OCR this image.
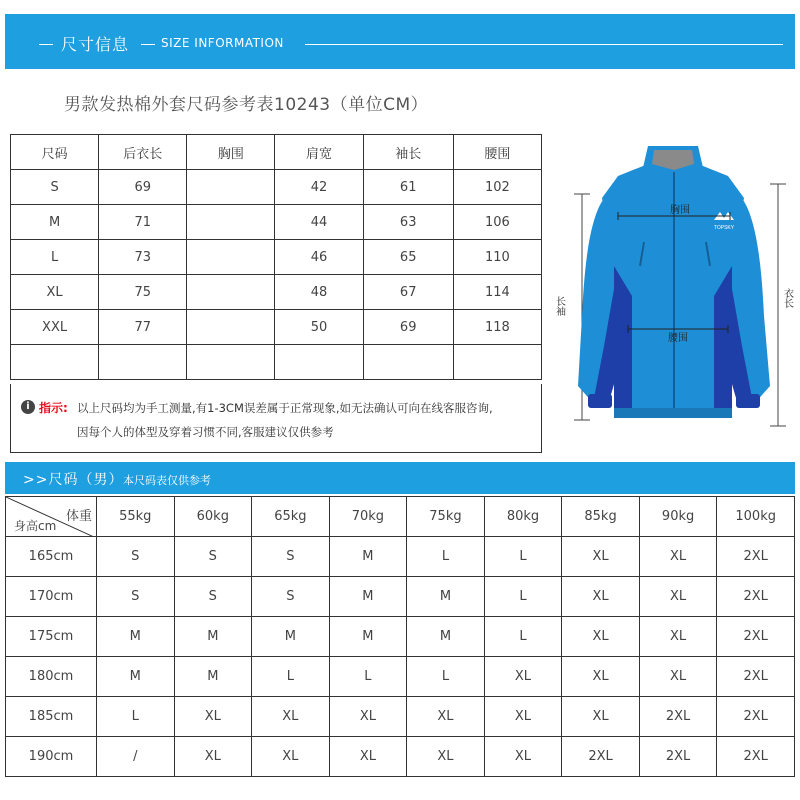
尺寸信息	SIZE INFORMATION
男款发热棉外套尺码参考表10243（单位CM）
尺码	后衣长	胸围	肩宽	袖长	腰围
S	69		42	61	102
M	71		44	63	106
L	73		46	65	110
XL	75		48	67	114
XXL	77		50	69	118

i 指示: 以上尺码均为手工测量,有1-3CM误差属于正常现象,如无法确认可向在线客服咨询,
因每个人的体型及穿着习惯不同,客服建议仅供参考
TOPSKY
胸围
腰围
长袖	衣长
>>尺码（男） 本尺码表仅供参考
体重
身高cm	55kg	60kg	65kg	70kg	75kg	80kg	85kg	90kg	100kg
165cm	S	S	S	M	L	L	XL	XL	2XL
170cm	S	S	S	M	M	L	XL	XL	2XL
175cm	M	M	M	M	M	L	XL	XL	2XL
180cm	M	M	L	L	L	XL	XL	XL	2XL
185cm	L	XL	XL	XL	XL	XL	XL	2XL	2XL
190cm	/	XL	XL	XL	XL	XL	2XL	2XL	2XL
